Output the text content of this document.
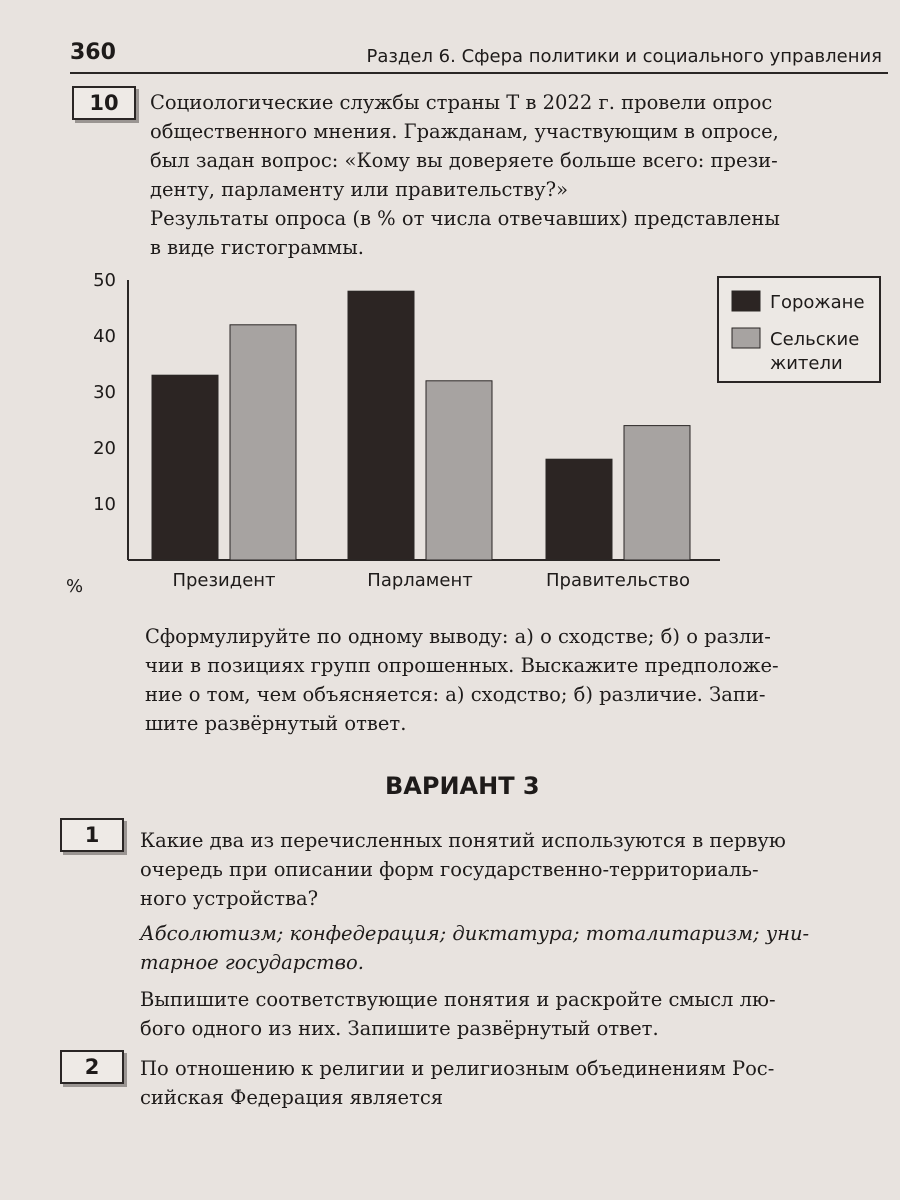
360	Раздел 6. Сфера политики и социального управления
10	Социологические службы страны Т в 2022 г. провели опрос

общественного мнения. Гражданам, участвующим в опросе,

был задан вопрос: «Кому вы доверяете больше всего: прези-

денту, парламенту или правительству?»

Результаты опроса (в % от числа отвечавших) представлены

в виде гистограммы.

10
20
30
40
50
%	Президент	Парламент	Правительство
Горожане
Сельские
жители

Сформулируйте по одному выводу: а) о сходстве; б) о разли-

чии в позициях групп опрошенных. Выскажите предположе-

ние о том, чем объясняется: а) сходство; б) различие. Запи-

шите развёрнутый ответ.

ВАРИАНТ 3
1	Какие два из перечисленных понятий используются в первую

очередь при описании форм государственно-территориаль-

ного устройства?

Абсолютизм; конфедерация; диктатура; тоталитаризм; уни-

тарное государство.

Выпишите соответствующие понятия и раскройте смысл лю-

бого одного из них. Запишите развёрнутый ответ.

2	По отношению к религии и религиозным объединениям Рос-

сийская Федерация является
